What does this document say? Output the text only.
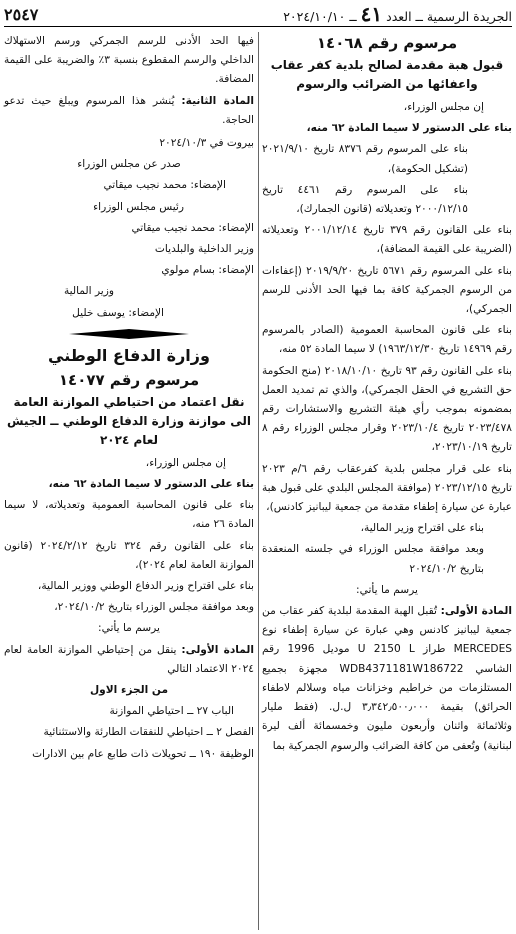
الجريدة الرسمية ــ العدد ٤١ ــ ٢٠٢٤/١٠/١٠
٢٥٤٧

مرسوم رقم ١٤٠٦٨

قبول هبة مقدمة لصالح بلدية كفر عقاب واعفائها من الضرائب والرسوم

إن مجلس الوزراء،

بناء على الدستور لا سيما المادة ٦٢ منه،

بناء على المرسوم رقم ٨٣٧٦ تاريخ ٢٠٢١/٩/١٠ (تشكيل الحكومة)،

بناء على المرسوم رقم ٤٤٦١ تاريخ ٢٠٠٠/١٢/١٥ وتعديلاته (قانون الجمارك)،

بناء على القانون رقم ٣٧٩ تاريخ ٢٠٠١/١٢/١٤ وتعديلاته (الضريبة على القيمة المضافة)،

بناء على المرسوم رقم ٥٦٧١ تاريخ ٢٠١٩/٩/٢٠ (إعفاءات من الرسوم الجمركية كافة بما فيها الحد الأدنى للرسم الجمركي)،

بناء على قانون المحاسبة العمومية (الصادر بالمرسوم رقم ١٤٩٦٩ تاريخ ١٩٦٣/١٢/٣٠) لا سيما المادة ٥٢ منه،

بناء على القانون رقم ٩٣ تاريخ ٢٠١٨/١٠/١٠ (منح الحكومة حق التشريع في الحقل الجمركي)، والذي تم تمديد العمل بمضمونه بموجب رأي هيئة التشريع والاستشارات رقم ٢٠٢٣/٤٧٨ تاريخ ٢٠٢٣/١٠/٤ وقرار مجلس الوزراء رقم ٨ تاريخ ٢٠٢٣/١٠/١٩،

بناء على قرار مجلس بلدية كفرعقاب رقم ٦/م ٢٠٢٣ تاريخ ٢٠٢٣/١٢/١٥ (موافقة المجلس البلدي على قبول هبة عبارة عن سيارة إطفاء مقدمة من جمعية ليبانيز كادنس)،

بناء على اقتراح وزير المالية،

وبعد موافقة مجلس الوزراء في جلسته المنعقدة بتاريخ ٢٠٢٤/١٠/٢

يرسم ما يأتي:

المادة الأولى: تُقبل الهبة المقدمة لبلدية كفر عقاب من جمعية ليبانيز كادنس وهي عبارة عن سيارة إطفاء نوع MERCEDES طراز U 2150 L موديل 1996 رقم الشاسي WDB4371181W186722 مجهزة بجميع المستلزمات من خراطيم وخزانات مياه وسلالم لاطفاء الحرائق) بقيمة ٣٫٣٤٢٫٥٠٠٫٠٠٠ ل.ل. (فقط مليار وثلاثمائة واثنان وأربعون مليون وخمسمائة ألف ليرة لبنانية) وتُعفى من كافة الضرائب والرسوم الجمركية بما

فيها الحد الأدنى للرسم الجمركي ورسم الاستهلاك الداخلي والرسم المقطوع بنسبة ٣٪ والضريبة على القيمة المضافة.

المادة الثانية: يُنشر هذا المرسوم ويبلغ حيث تدعو الحاجة.

بيروت في ٢٠٢٤/١٠/٣

صدر عن مجلس الوزراء

الإمضاء: محمد نجيب ميقاتي

رئيس مجلس الوزراء

الإمضاء: محمد نجيب ميقاتي

وزير الداخلية والبلديات

الإمضاء: بسام مولوي

وزير المالية

الإمضاء: يوسف خليل

وزارة الدفاع الوطني

مرسوم رقم ١٤٠٧٧

نقل اعتماد من احتياطي الموازنة العامة الى موازنة وزارة الدفاع الوطني ــ الجيش لعام ٢٠٢٤

إن مجلس الوزراء،

بناء على الدستور لا سيما المادة ٦٢ منه،

بناء على قانون المحاسبة العمومية وتعديلاته، لا سيما المادة ٢٦ منه،

بناء على القانون رقم ٣٢٤ تاريخ ٢٠٢٤/٢/١٢ (قانون الموازنة العامة لعام ٢٠٢٤)،

بناء على اقتراح وزير الدفاع الوطني ووزير المالية،

وبعد موافقة مجلس الوزراء بتاريخ ٢٠٢٤/١٠/٢،

يرسم ما يأتي:

المادة الأولى: ينقل من إحتياطي الموازنة العامة لعام ٢٠٢٤ الاعتماد التالي

من الجزء الاول

الباب ٢٧ ــ احتياطي الموازنة

الفصل ٢ ــ احتياطي للنفقات الطارئة والاستثنائية

الوظيفة ١٩٠ ــ تحويلات ذات طابع عام بين الادارات
